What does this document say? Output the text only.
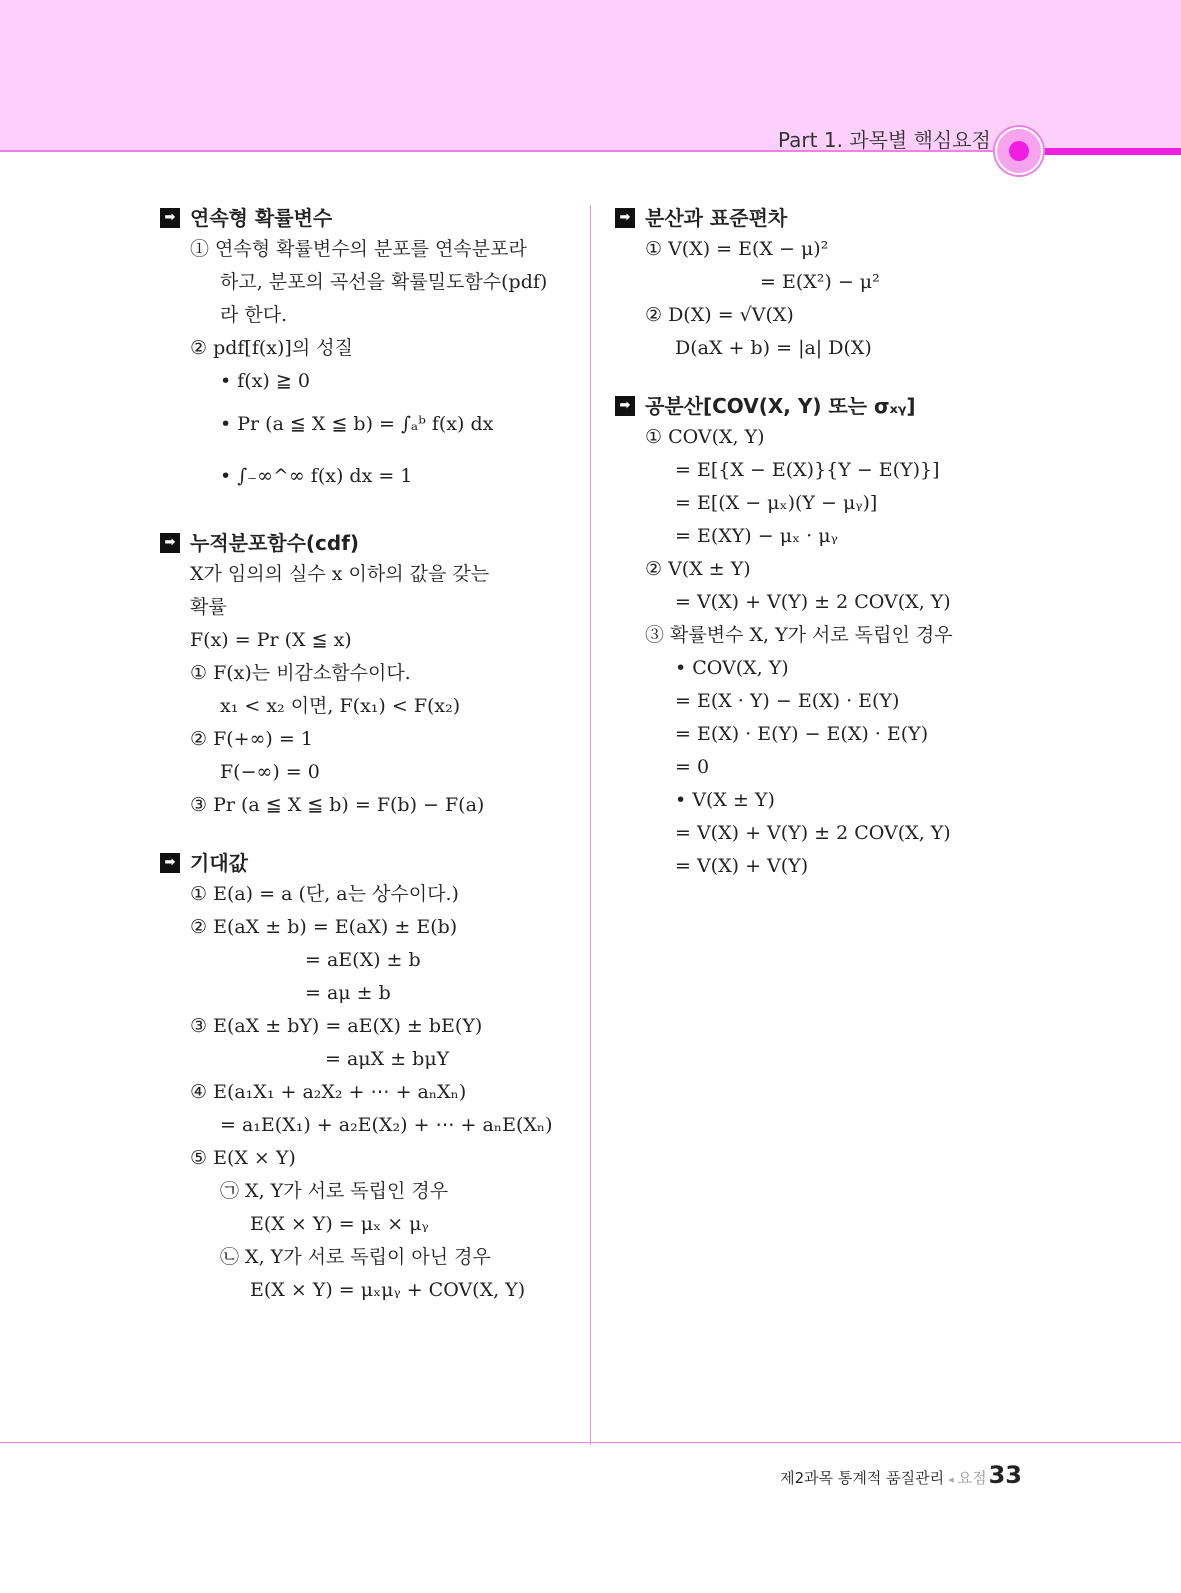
Part 1. 과목별 핵심요점
➡ 연속형 확률변수
① 연속형 확률변수의 분포를 연속분포라
하고, 분포의 곡선을 확률밀도함수(pdf)
라 한다.
② pdf[f(x)]의 성질
• f(x) ≧ 0
• Pr (a ≦ X ≦ b) = ∫ₐᵇ f(x) dx
• ∫₋∞^∞ f(x) dx = 1
➡ 누적분포함수(cdf)
X가 임의의 실수 x 이하의 값을 갖는
확률
F(x) = Pr (X ≦ x)
① F(x)는 비감소함수이다.
x₁ < x₂ 이면, F(x₁) < F(x₂)
② F(+∞) = 1
F(−∞) = 0
③ Pr (a ≦ X ≦ b) = F(b) − F(a)
➡ 기대값
① E(a) = a (단, a는 상수이다.)
② E(aX ± b) = E(aX) ± E(b)
= aE(X) ± b
= aμ ± b
③ E(aX ± bY) = aE(X) ± bE(Y)
= aμX ± bμY
④ E(a₁X₁ + a₂X₂ + ⋯ + aₙXₙ)
= a₁E(X₁) + a₂E(X₂) + ⋯ + aₙE(Xₙ)
⑤ E(X × Y)
㉠ X, Y가 서로 독립인 경우
E(X × Y) = μₓ × μᵧ
㉡ X, Y가 서로 독립이 아닌 경우
E(X × Y) = μₓμᵧ + COV(X, Y)
➡ 분산과 표준편차
① V(X) = E(X − μ)²
= E(X²) − μ²
② D(X) = √V(X)
D(aX + b) = |a| D(X)
➡ 공분산[COV(X, Y) 또는 σₓᵧ]
① COV(X, Y)
= E[{X − E(X)}{Y − E(Y)}]
= E[(X − μₓ)(Y − μᵧ)]
= E(XY) − μₓ · μᵧ
② V(X ± Y)
= V(X) + V(Y) ± 2 COV(X, Y)
③ 확률변수 X, Y가 서로 독립인 경우
• COV(X, Y)
= E(X · Y) − E(X) · E(Y)
= E(X) · E(Y) − E(X) · E(Y)
= 0
• V(X ± Y)
= V(X) + V(Y) ± 2 COV(X, Y)
= V(X) + V(Y)
제2과목 통계적 품질관리 ◂ 요점33
